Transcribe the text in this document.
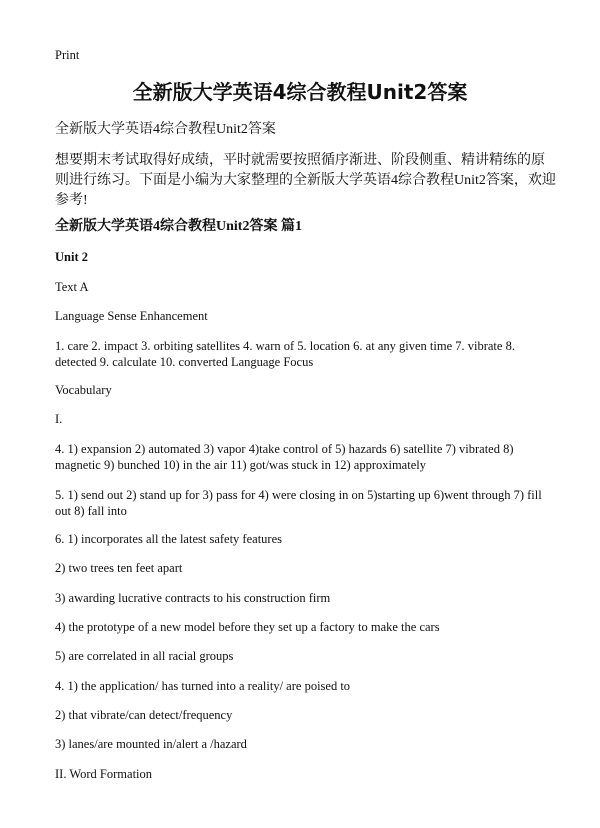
Print
全新版大学英语4综合教程Unit2答案
全新版大学英语4综合教程Unit2答案
想要期末考试取得好成绩，平时就需要按照循序渐进、阶段侧重、精讲精练的原则进行练习。下面是小编为大家整理的全新版大学英语4综合教程Unit2答案，欢迎参考!
全新版大学英语4综合教程Unit2答案 篇1
Unit 2
Text A
Language Sense Enhancement
1. care 2. impact 3. orbiting satellites 4. warn of 5. location 6. at any given time 7. vibrate 8. detected 9. calculate 10. converted Language Focus
Vocabulary
I.
4. 1) expansion 2) automated 3) vapor 4)take control of 5) hazards 6) satellite 7) vibrated 8) magnetic 9) bunched 10) in the air 11) got/was stuck in 12) approximately
5. 1) send out 2) stand up for 3) pass for 4) were closing in on 5)starting up 6)went through 7) fill out 8) fall into
6. 1) incorporates all the latest safety features
2) two trees ten feet apart
3) awarding lucrative contracts to his construction firm
4) the prototype of a new model before they set up a factory to make the cars
5) are correlated in all racial groups
4. 1) the application/ has turned into a reality/ are poised to
2) that vibrate/can detect/frequency
3) lanes/are mounted in/alert a /hazard
II. Word Formation
